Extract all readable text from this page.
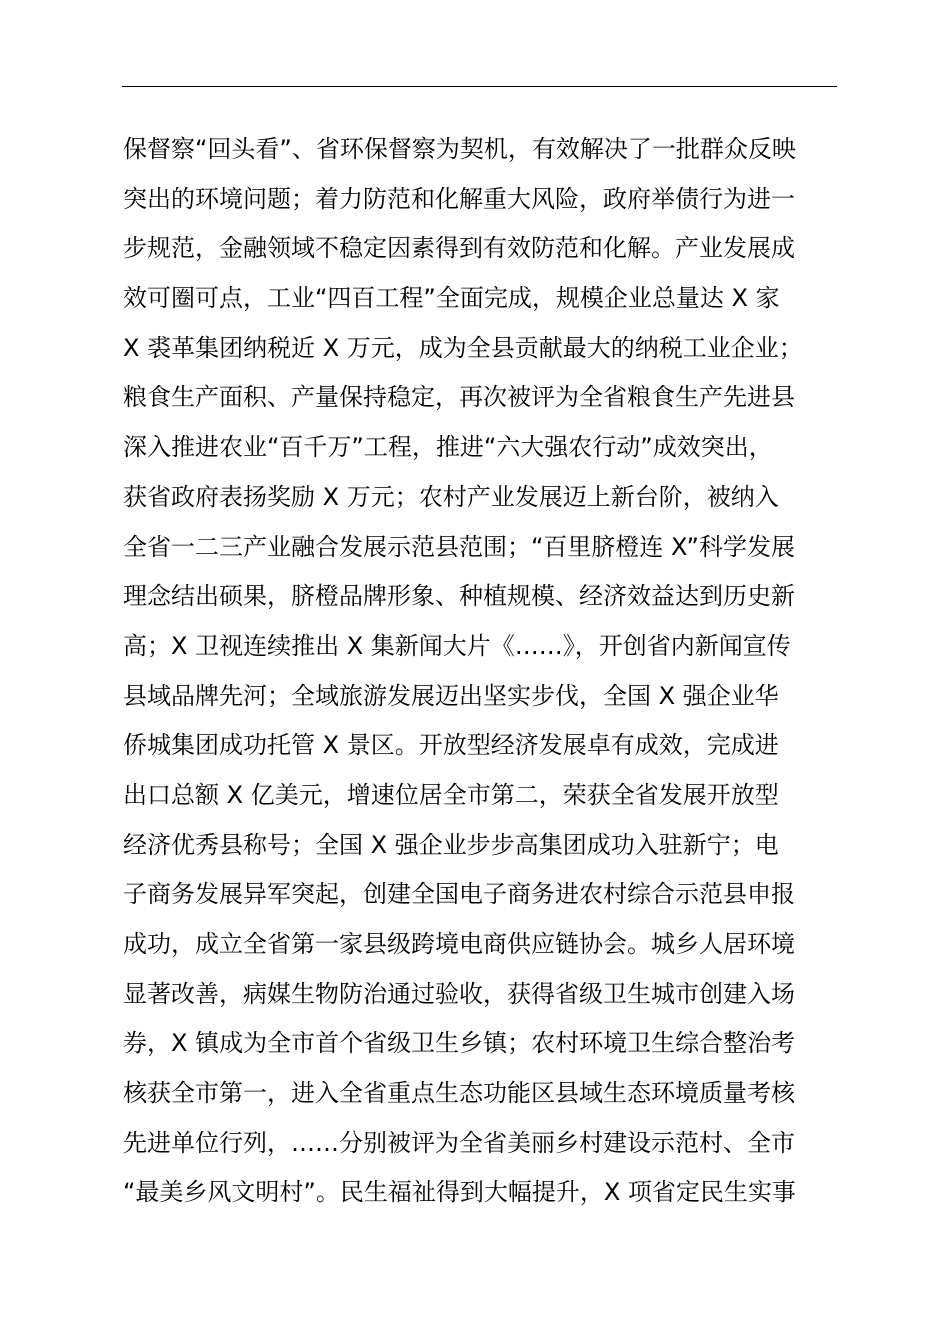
保督察“回头看”、省环保督察为契机，有效解决了一批群众反映
突出的环境问题；着力防范和化解重大风险，政府举债行为进一
步规范，金融领域不稳定因素得到有效防范和化解。产业发展成
效可圈可点，工业“四百工程”全面完成，规模企业总量达 X 家
X 裘革集团纳税近 X 万元，成为全县贡献最大的纳税工业企业；
粮食生产面积、产量保持稳定，再次被评为全省粮食生产先进县
深入推进农业“百千万”工程，推进“六大强农行动”成效突出，
获省政府表扬奖励 X 万元；农村产业发展迈上新台阶，被纳入
全省一二三产业融合发展示范县范围；“百里脐橙连 X”科学发展
理念结出硕果，脐橙品牌形象、种植规模、经济效益达到历史新
高；X 卫视连续推出 X 集新闻大片《……》，开创省内新闻宣传
县域品牌先河；全域旅游发展迈出坚实步伐，全国 X 强企业华
侨城集团成功托管 X 景区。开放型经济发展卓有成效，完成进
出口总额 X 亿美元，增速位居全市第二，荣获全省发展开放型
经济优秀县称号；全国 X 强企业步步高集团成功入驻新宁；电
子商务发展异军突起，创建全国电子商务进农村综合示范县申报
成功，成立全省第一家县级跨境电商供应链协会。城乡人居环境
显著改善，病媒生物防治通过验收，获得省级卫生城市创建入场
券，X 镇成为全市首个省级卫生乡镇；农村环境卫生综合整治考
核获全市第一，进入全省重点生态功能区县域生态环境质量考核
先进单位行列，……分别被评为全省美丽乡村建设示范村、全市
“最美乡风文明村”。民生福祉得到大幅提升，X 项省定民生实事
